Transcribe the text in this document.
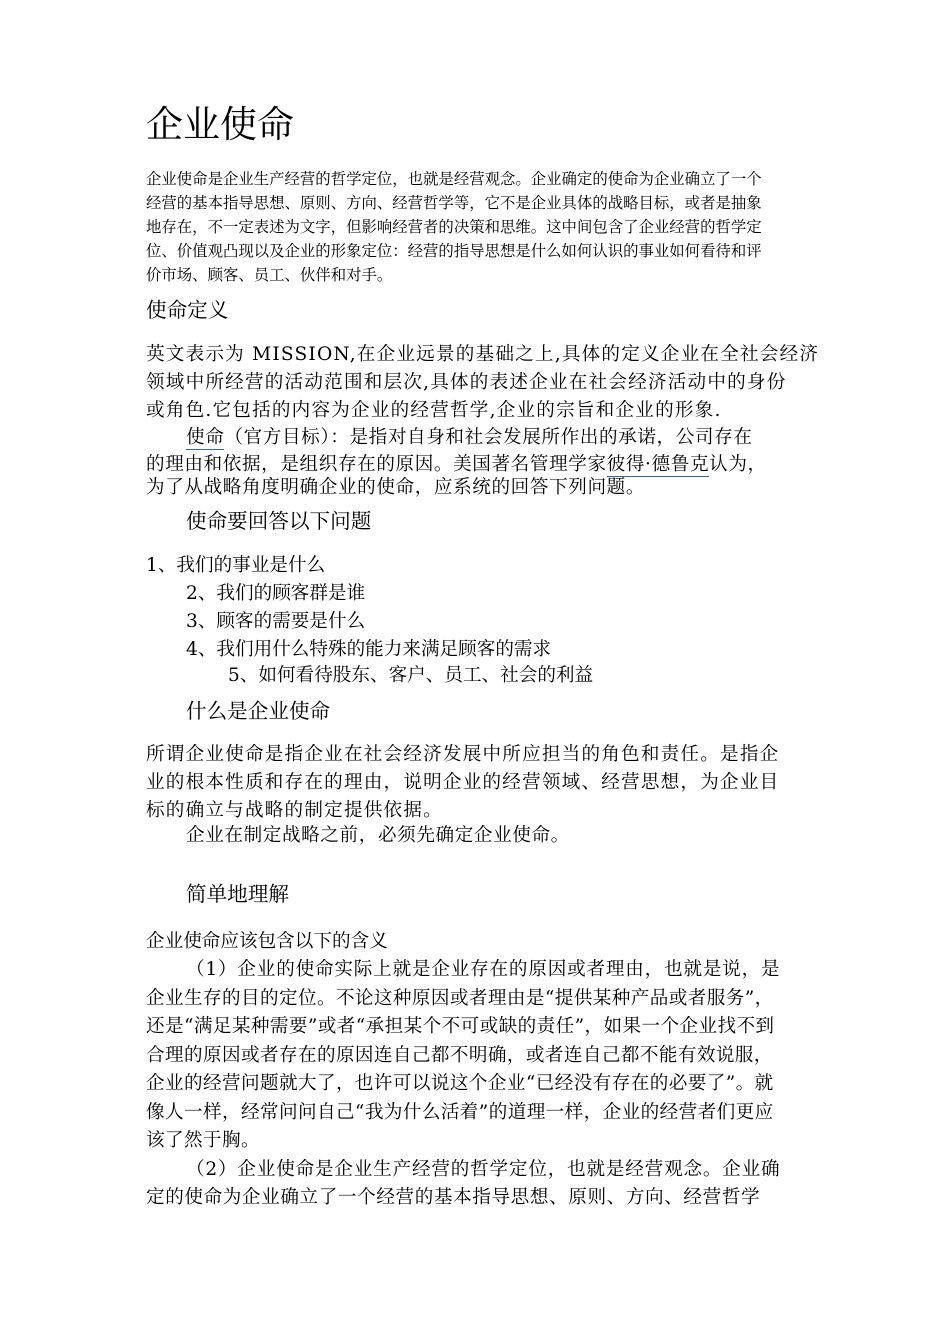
企业使命

企业使命是企业生产经营的哲学定位，也就是经营观念。企业确定的使命为企业确立了一个

经营的基本指导思想、原则、方向、经营哲学等，它不是企业具体的战略目标，或者是抽象

地存在，不一定表述为文字，但影响经营者的决策和思维。这中间包含了企业经营的哲学定

位、价值观凸现以及企业的形象定位：经营的指导思想是什么如何认识的事业如何看待和评

价市场、顾客、员工、伙伴和对手。

使命定义

英文表示为 MISSION,在企业远景的基础之上,具体的定义企业在全社会经济

领域中所经营的活动范围和层次,具体的表述企业在社会经济活动中的身份

或角色.它包括的内容为企业的经营哲学,企业的宗旨和企业的形象.

使命（官方目标）：是指对自身和社会发展所作出的承诺，公司存在

的理由和依据，是组织存在的原因。美国著名管理学家彼得·德鲁克认为，

为了从战略角度明确企业的使命，应系统的回答下列问题。

使命要回答以下问题
1、我们的事业是什么
2、我们的顾客群是谁
3、顾客的需要是什么
4、我们用什么特殊的能力来满足顾客的需求
5、如何看待股东、客户、员工、社会的利益
什么是企业使命

所谓企业使命是指企业在社会经济发展中所应担当的角色和责任。是指企

业的根本性质和存在的理由，说明企业的经营领域、经营思想，为企业目

标的确立与战略的制定提供依据。

企业在制定战略之前，必须先确定企业使命。

简单地理解

企业使命应该包含以下的含义

（1）企业的使命实际上就是企业存在的原因或者理由，也就是说，是

企业生存的目的定位。不论这种原因或者理由是“提供某种产品或者服务”，

还是“满足某种需要”或者“承担某个不可或缺的责任”，如果一个企业找不到

合理的原因或者存在的原因连自己都不明确，或者连自己都不能有效说服，

企业的经营问题就大了，也许可以说这个企业“已经没有存在的必要了”。就

像人一样，经常问问自己“我为什么活着”的道理一样，企业的经营者们更应

该了然于胸。

（2）企业使命是企业生产经营的哲学定位，也就是经营观念。企业确

定的使命为企业确立了一个经营的基本指导思想、原则、方向、经营哲学
